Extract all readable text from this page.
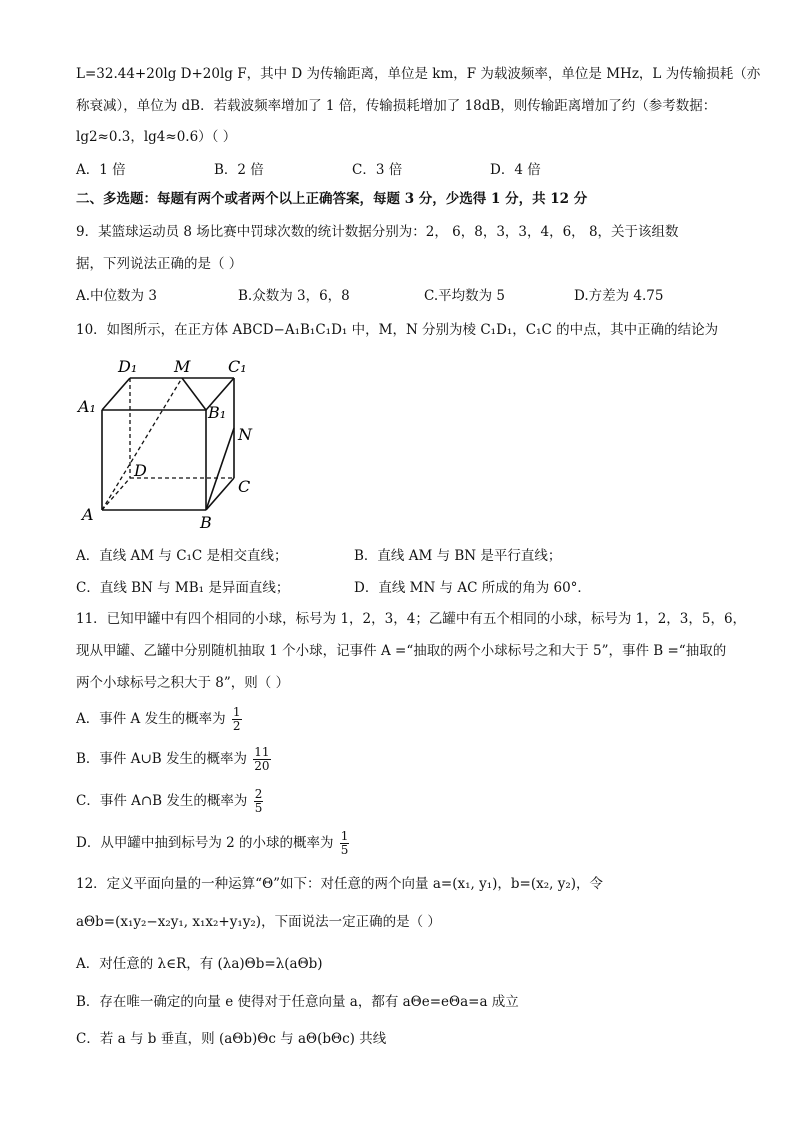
L=32.44+20lg D+20lg F，其中 D 为传输距离，单位是 km，F 为载波频率，单位是 MHz，L 为传输损耗（亦
称衰减），单位为 dB．若载波频率增加了 1 倍，传输损耗增加了 18dB，则传输距离增加了约（参考数据：
lg2≈0.3，lg4≈0.6）（ ）
A．1 倍	B．2 倍	C．3 倍	D．4 倍
二、多选题：每题有两个或者两个以上正确答案，每题 3 分，少选得 1 分，共 12 分
9．某篮球运动员 8 场比赛中罚球次数的统计数据分别为：2， 6，8，3，3，4，6， 8，关于该组数
据，下列说法正确的是（ ）
A.中位数为 3	B.众数为 3，6，8	C.平均数为 5	D.方差为 4.75
10．如图所示，在正方体 ABCD−A₁B₁C₁D₁ 中，M，N 分别为棱 C₁D₁，C₁C 的中点，其中正确的结论为
D₁ M C₁
A₁	B₁
N
D
C
A	B
A．直线 AM 与 C₁C 是相交直线；	B．直线 AM 与 BN 是平行直线；
C．直线 BN 与 MB₁ 是异面直线；	D．直线 MN 与 AC 所成的角为 60°．
11．已知甲罐中有四个相同的小球，标号为 1，2，3，4；乙罐中有五个相同的小球，标号为 1，2，3，5，6，
现从甲罐、乙罐中分别随机抽取 1 个小球，记事件 A =“抽取的两个小球标号之和大于 5”，事件 B =“抽取的
两个小球标号之积大于 8”，则（ ）
A．事件 A 发生的概率为 $\frac{1}{2}$
B．事件 A∪B 发生的概率为 $\frac{11}{20}$
C．事件 A∩B 发生的概率为 $\frac{2}{5}$
D．从甲罐中抽到标号为 2 的小球的概率为 $\frac{1}{5}$
12．定义平面向量的一种运算“Θ”如下：对任意的两个向量 a=(x₁, y₁)，b=(x₂, y₂)，令
aΘb=(x₁y₂−x₂y₁, x₁x₂+y₁y₂)，下面说法一定正确的是（ ）
A．对任意的 λ∈R，有 (λa)Θb=λ(aΘb)
B．存在唯一确定的向量 e 使得对于任意向量 a，都有 aΘe=eΘa=a 成立
C．若 a 与 b 垂直，则 (aΘb)Θc 与 aΘ(bΘc) 共线
